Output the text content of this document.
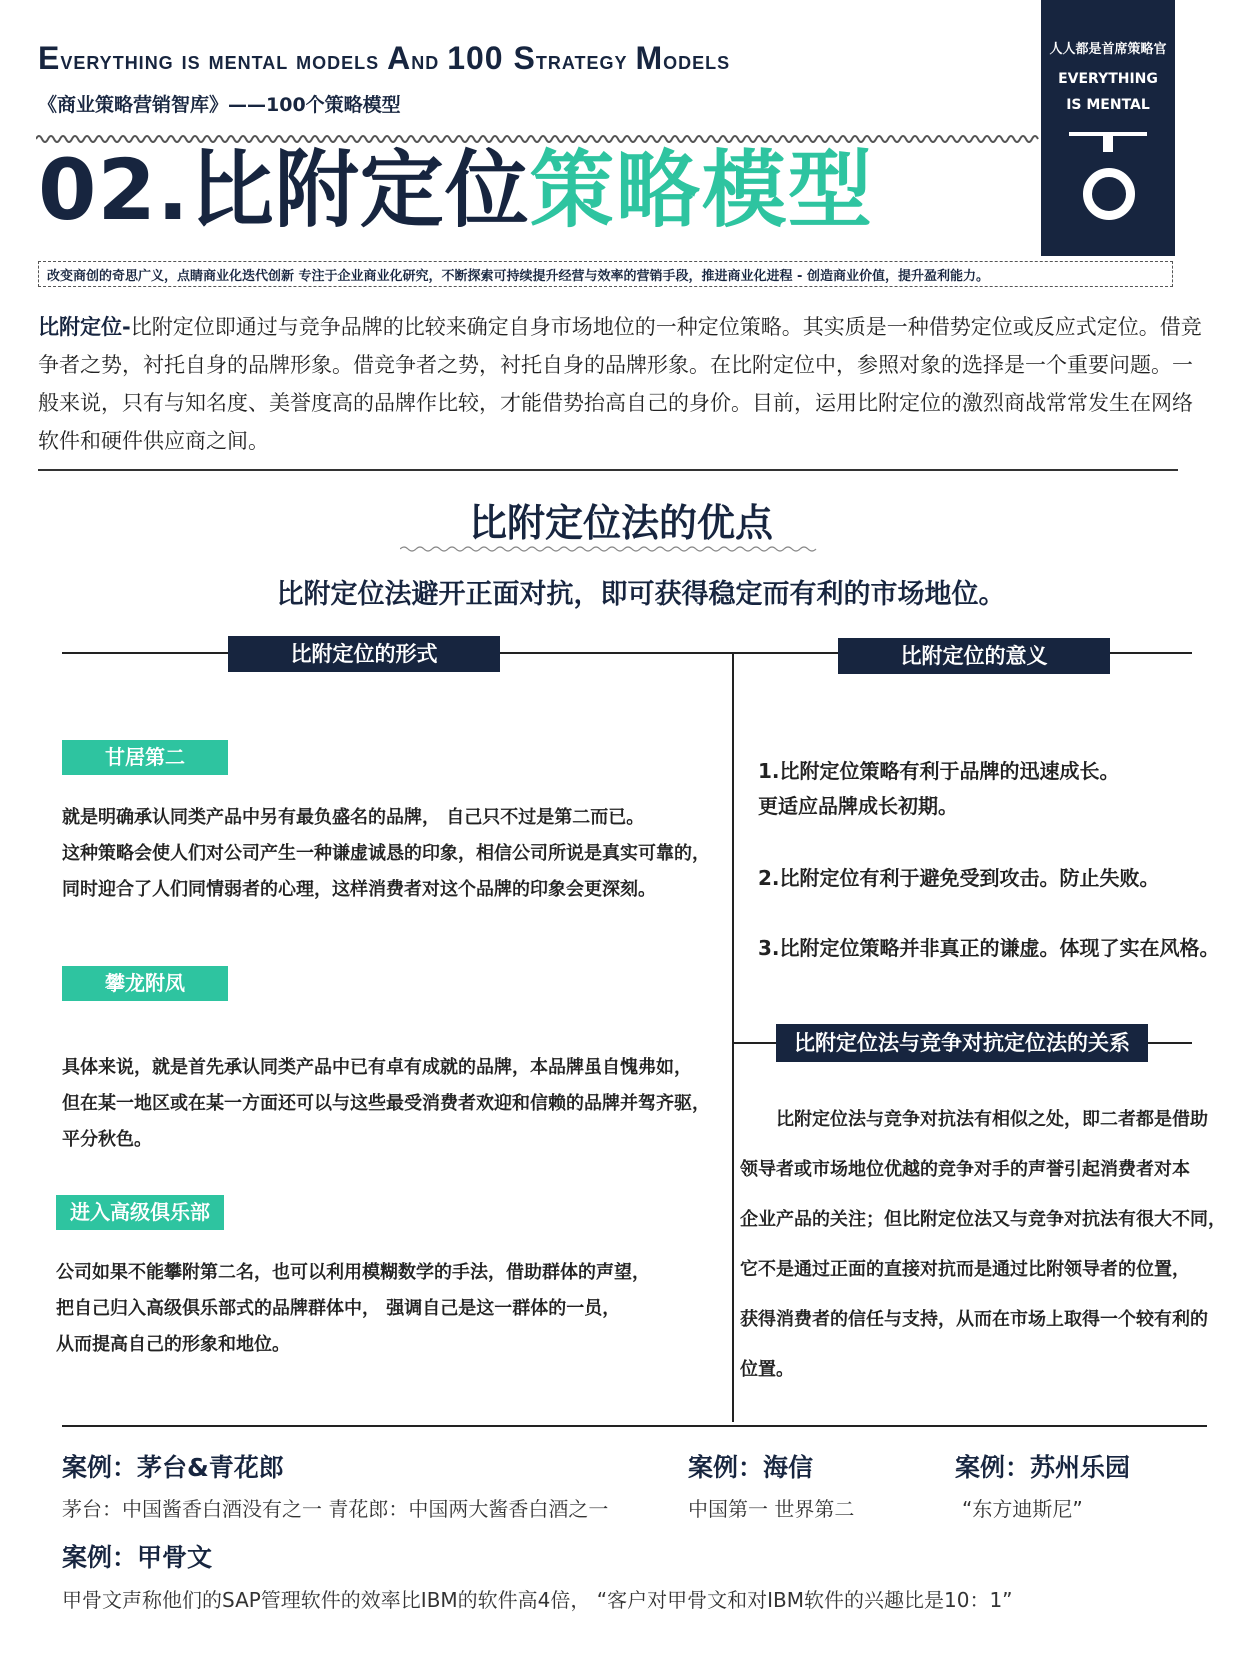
Everything is mental models And 100 Strategy Models
《商业策略营销智库》——100个策略模型
02.比附定位策略模型
人人都是首席策略官
EVERYTHING
IS MENTAL
改变商创的奇思广义，点睛商业化迭代创新 专注于企业商业化研究，不断探索可持续提升经营与效率的营销手段，推进商业化进程 - 创造商业价值，提升盈利能力。
比附定位-比附定位即通过与竞争品牌的比较来确定自身市场地位的一种定位策略。其实质是一种借势定位或反应式定位。借竞争者之势，衬托自身的品牌形象。借竞争者之势，衬托自身的品牌形象。在比附定位中，参照对象的选择是一个重要问题。一般来说，只有与知名度、美誉度高的品牌作比较，才能借势抬高自己的身价。目前，运用比附定位的激烈商战常常发生在网络软件和硬件供应商之间。
比附定位法的优点
比附定位法避开正面对抗，即可获得稳定而有利的市场地位。
比附定位的形式
甘居第二
就是明确承认同类产品中另有最负盛名的品牌， 自己只不过是第二而已。
这种策略会使人们对公司产生一种谦虚诚恳的印象，相信公司所说是真实可靠的，
同时迎合了人们同情弱者的心理，这样消费者对这个品牌的印象会更深刻。
攀龙附凤
具体来说，就是首先承认同类产品中已有卓有成就的品牌，本品牌虽自愧弗如，
但在某一地区或在某一方面还可以与这些最受消费者欢迎和信赖的品牌并驾齐驱，
平分秋色。
进入高级俱乐部
公司如果不能攀附第二名，也可以利用模糊数学的手法，借助群体的声望，
把自己归入高级俱乐部式的品牌群体中， 强调自己是这一群体的一员，
从而提高自己的形象和地位。
比附定位的意义
1.比附定位策略有利于品牌的迅速成长。
更适应品牌成长初期。
2.比附定位有利于避免受到攻击。防止失败。
3.比附定位策略并非真正的谦虚。体现了实在风格。
比附定位法与竞争对抗定位法的关系
比附定位法与竞争对抗法有相似之处，即二者都是借助
领导者或市场地位优越的竞争对手的声誉引起消费者对本
企业产品的关注；但比附定位法又与竞争对抗法有很大不同，
它不是通过正面的直接对抗而是通过比附领导者的位置，
获得消费者的信任与支持，从而在市场上取得一个较有利的
位置。
案例：茅台&青花郎
茅台：中国酱香白酒没有之一 青花郎：中国两大酱香白酒之一
案例：海信
中国第一 世界第二
案例：苏州乐园
“东方迪斯尼”
案例：甲骨文
甲骨文声称他们的SAP管理软件的效率比IBM的软件高4倍， “客户对甲骨文和对IBM软件的兴趣比是10：1”
